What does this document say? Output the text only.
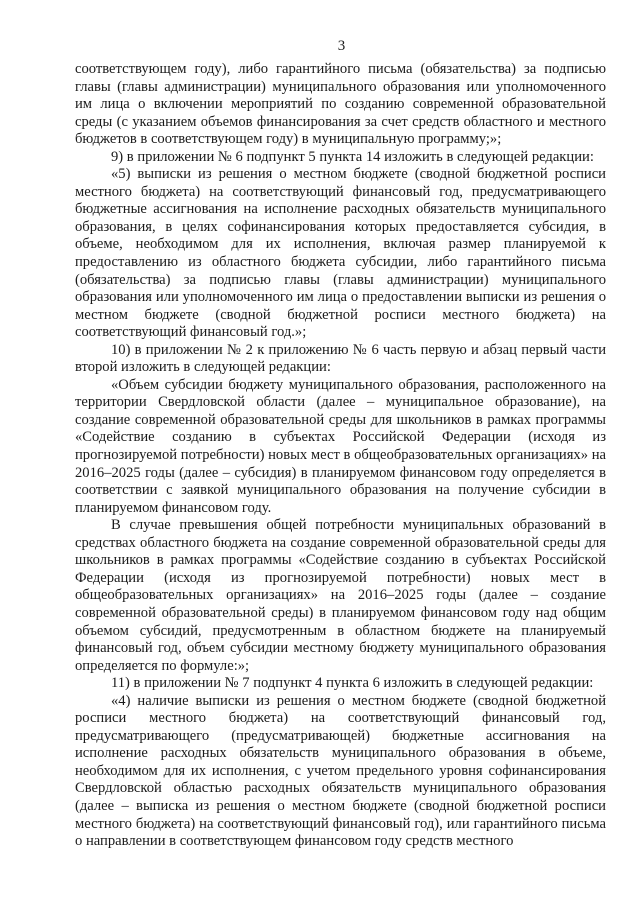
3

соответствующем году), либо гарантийного письма (обязательства) за подписью главы (главы администрации) муниципального образования или уполномоченного им лица о включении мероприятий по созданию современной образовательной среды (с указанием объемов финансирования за счет средств областного и местного бюджетов в соответствующем году) в муниципальную программу;»;

9) в приложении № 6 подпункт 5 пункта 14 изложить в следующей редакции:

«5) выписки из решения о местном бюджете (сводной бюджетной росписи местного бюджета) на соответствующий финансовый год, предусматривающего бюджетные ассигнования на исполнение расходных обязательств муниципального образования, в целях софинансирования которых предоставляется субсидия, в объеме, необходимом для их исполнения, включая размер планируемой к предоставлению из областного бюджета субсидии, либо гарантийного письма (обязательства) за подписью главы (главы администрации) муниципального образования или уполномоченного им лица о предоставлении выписки из решения о местном бюджете (сводной бюджетной росписи местного бюджета) на соответствующий финансовый год.»;

10) в приложении № 2 к приложению № 6 часть первую и абзац первый части второй изложить в следующей редакции:

«Объем субсидии бюджету муниципального образования, расположенного на территории Свердловской области (далее – муниципальное образование), на создание современной образовательной среды для школьников в рамках программы «Содействие созданию в субъектах Российской Федерации (исходя из прогнозируемой потребности) новых мест в общеобразовательных организациях» на 2016–2025 годы (далее – субсидия) в планируемом финансовом году определяется в соответствии с заявкой муниципального образования на получение субсидии в планируемом финансовом году.

В случае превышения общей потребности муниципальных образований в средствах областного бюджета на создание современной образовательной среды для школьников в рамках программы «Содействие созданию в субъектах Российской Федерации (исходя из прогнозируемой потребности) новых мест в общеобразовательных организациях» на 2016–2025 годы (далее – создание современной образовательной среды) в планируемом финансовом году над общим объемом субсидий, предусмотренным в областном бюджете на планируемый финансовый год, объем субсидии местному бюджету муниципального образования определяется по формуле:»;

11) в приложении № 7 подпункт 4 пункта 6 изложить в следующей редакции:

«4) наличие выписки из решения о местном бюджете (сводной бюджетной росписи местного бюджета) на соответствующий финансовый год, предусматривающего (предусматривающей) бюджетные ассигнования на исполнение расходных обязательств муниципального образования в объеме, необходимом для их исполнения, с учетом предельного уровня софинансирования Свердловской областью расходных обязательств муниципального образования (далее – выписка из решения о местном бюджете (сводной бюджетной росписи местного бюджета) на соответствующий финансовый год), или гарантийного письма о направлении в соответствующем финансовом году средств местного
